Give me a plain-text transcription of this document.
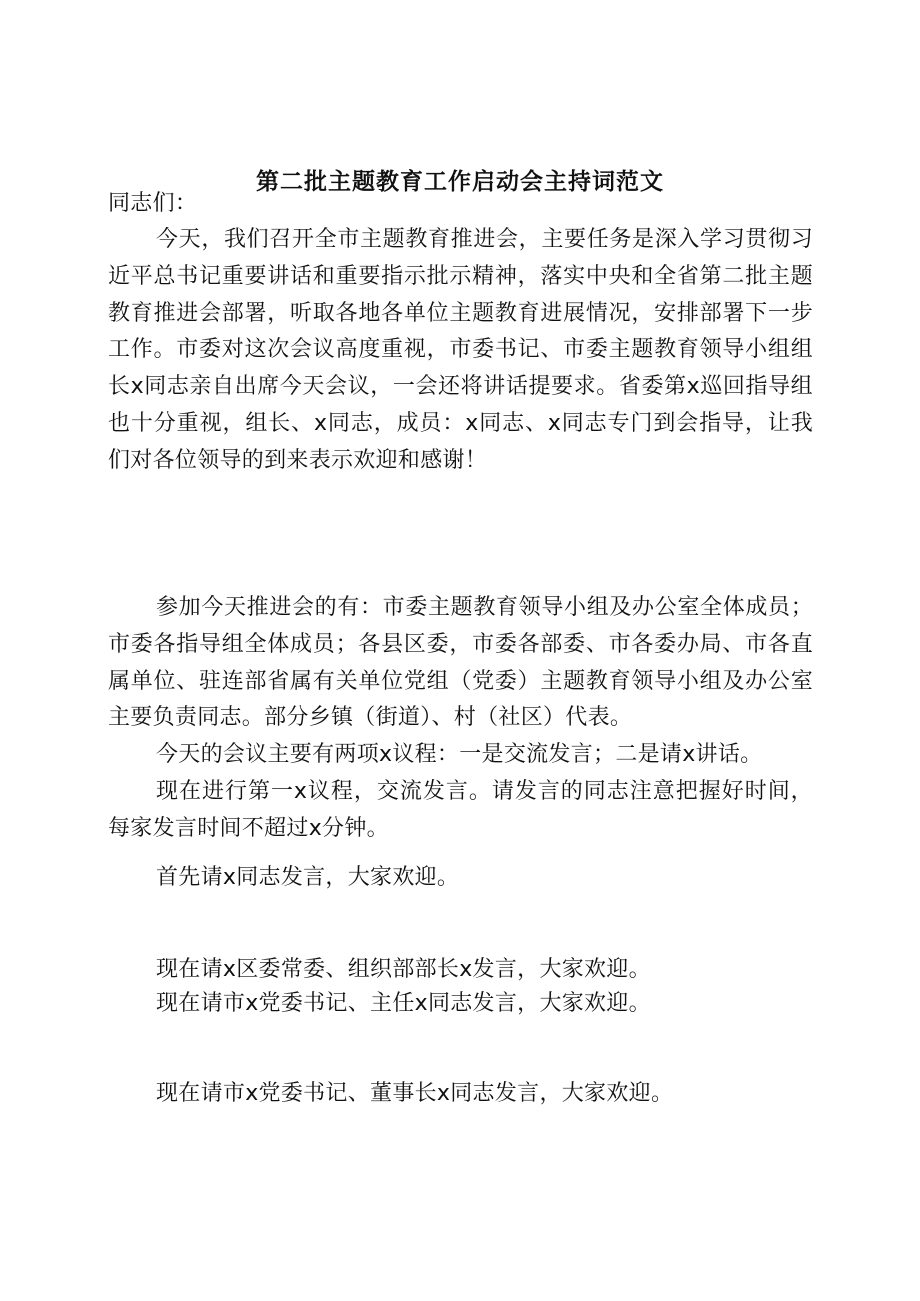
第二批主题教育工作启动会主持词范文
同志们：
今天，我们召开全市主题教育推进会，主要任务是深入学习贯彻习近平总书记重要讲话和重要指示批示精神，落实中央和全省第二批主题教育推进会部署，听取各地各单位主题教育进展情况，安排部署下一步工作。市委对这次会议高度重视，市委书记、市委主题教育领导小组组长x同志亲自出席今天会议，一会还将讲话提要求。省委第x巡回指导组也十分重视，组长、x同志，成员：x同志、x同志专门到会指导，让我们对各位领导的到来表示欢迎和感谢！
参加今天推进会的有：市委主题教育领导小组及办公室全体成员；市委各指导组全体成员；各县区委，市委各部委、市各委办局、市各直属单位、驻连部省属有关单位党组（党委）主题教育领导小组及办公室主要负责同志。部分乡镇（街道）、村（社区）代表。
今天的会议主要有两项x议程：一是交流发言；二是请x讲话。
现在进行第一x议程，交流发言。请发言的同志注意把握好时间，每家发言时间不超过x分钟。
首先请x同志发言，大家欢迎。
现在请x区委常委、组织部部长x发言，大家欢迎。
现在请市x党委书记、主任x同志发言，大家欢迎。
现在请市x党委书记、董事长x同志发言，大家欢迎。
